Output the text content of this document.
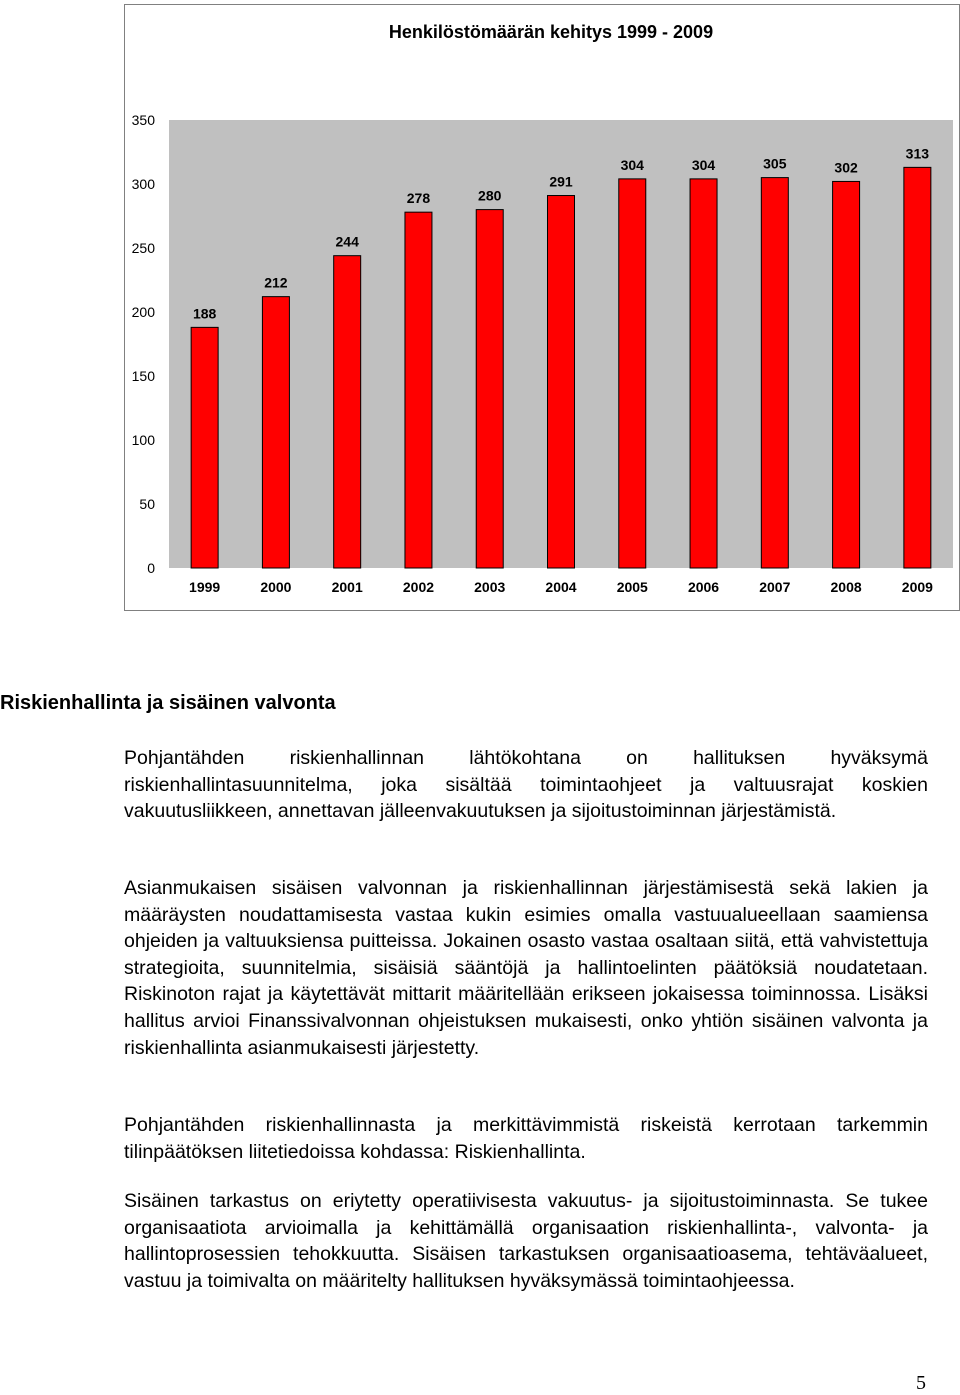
Henkilöstömäärän kehitys 1999 - 2009
0
50
100
150
200
250
300
350
188
1999
212
2000
244
2001
278
2002
280
2003
291
2004
304
2005
304
2006
305
2007
302
2008
313
2009
Riskienhallinta ja sisäinen valvonta

Pohjantähden riskienhallinnan lähtökohtana on hallituksen hyväksymä riskienhallintasuunnitelma, joka sisältää toimintaohjeet ja valtuusrajat koskien vakuutusliikkeen, annettavan jälleenvakuutuksen ja sijoitustoiminnan järjestämistä.

Asianmukaisen sisäisen valvonnan ja riskienhallinnan järjestämisestä sekä lakien ja määräysten noudattamisesta vastaa kukin esimies omalla vastuualueellaan saamiensa ohjeiden ja valtuuksiensa puitteissa. Jokainen osasto vastaa osaltaan siitä, että vahvistettuja strategioita, suunnitelmia, sisäisiä sääntöjä ja hallintoelinten päätöksiä noudatetaan. Riskinoton rajat ja käytettävät mittarit määritellään erikseen jokaisessa toiminnossa. Lisäksi hallitus arvioi Finanssivalvonnan ohjeistuksen mukaisesti, onko yhtiön sisäinen valvonta ja riskienhallinta asianmukaisesti järjestetty.

Pohjantähden riskienhallinnasta ja merkittävimmistä riskeistä kerrotaan tarkemmin tilinpäätöksen liitetiedoissa kohdassa: Riskienhallinta.

Sisäinen tarkastus on eriytetty operatiivisesta vakuutus- ja sijoitustoiminnasta. Se tukee organisaatiota arvioimalla ja kehittämällä organisaation riskienhallinta-, valvonta- ja hallintoprosessien tehokkuutta. Sisäisen tarkastuksen organisaatioasema, tehtäväalueet, vastuu ja toimivalta on määritelty hallituksen hyväksymässä toimintaohjeessa.

5
